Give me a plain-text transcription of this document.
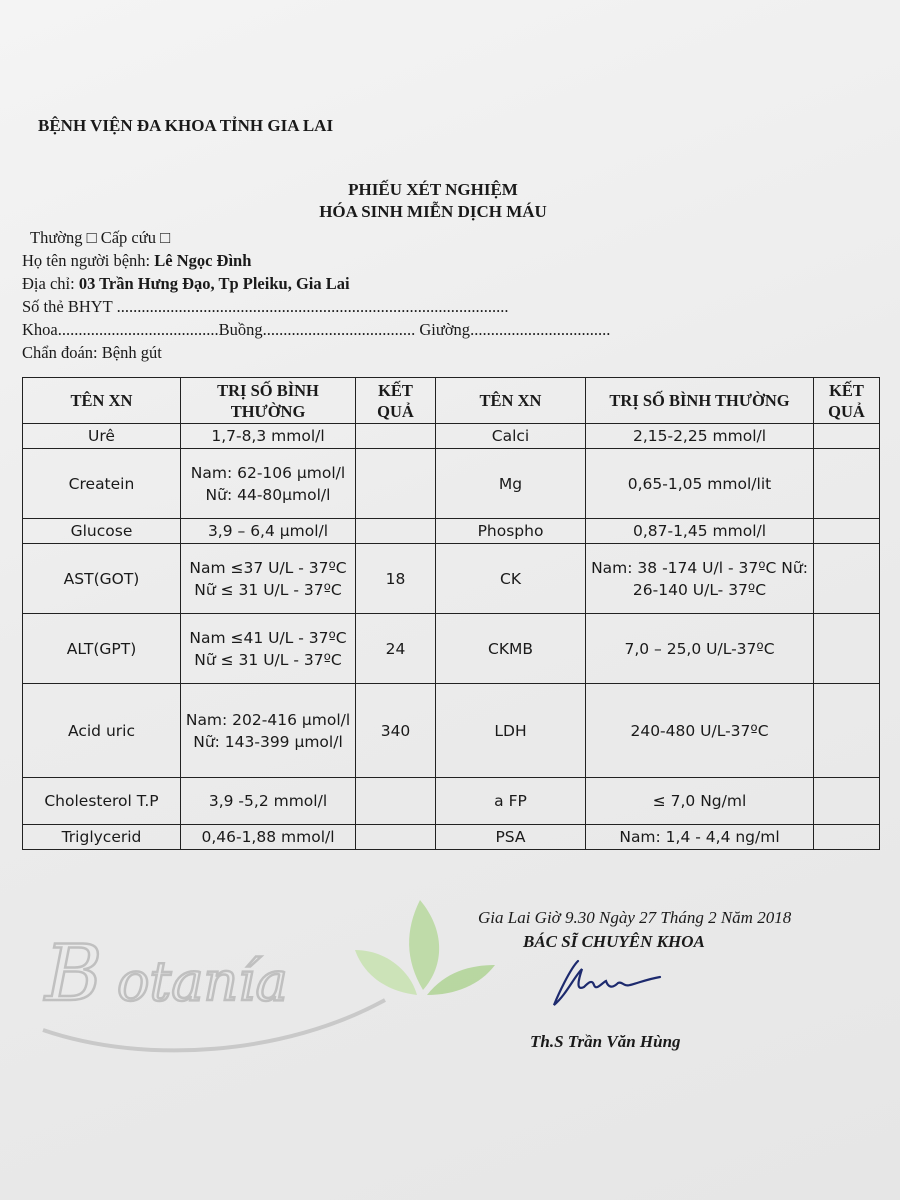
BỆNH VIỆN ĐA KHOA TỈNH GIA LAI
PHIẾU XÉT NGHIỆM
HÓA SINH MIỄN DỊCH MÁU
Thường □ Cấp cứu □
Họ tên người bệnh: Lê Ngọc Đình
Địa chỉ: 03 Trần Hưng Đạo, Tp Pleiku, Gia Lai
Số thẻ BHYT ...............................................................................................
Khoa.......................................Buồng..................................... Giường..................................
Chẩn đoán: Bệnh gút
TÊN XN	TRỊ SỐ BÌNH THƯỜNG	KẾT QUẢ	TÊN XN	TRỊ SỐ BÌNH THƯỜNG	KẾT QUẢ
Urê	1,7-8,3 mmol/l		Calci	2,15-2,25 mmol/l	
Createin	Nam: 62-106 µmol/l Nữ: 44-80µmol/l		Mg	0,65-1,05 mmol/lit	
Glucose	3,9 – 6,4 µmol/l		Phospho	0,87-1,45 mmol/l	
AST(GOT)	Nam ≤37 U/L - 37ºC Nữ ≤ 31 U/L - 37ºC	18	CK	Nam: 38 -174 U/l - 37ºC Nữ: 26-140 U/L- 37ºC	
ALT(GPT)	Nam ≤41 U/L - 37ºC Nữ ≤ 31 U/L - 37ºC	24	CKMB	7,0 – 25,0 U/L-37ºC	
Acid uric	Nam: 202-416 µmol/l Nữ: 143-399 µmol/l	340	LDH	240-480 U/L-37ºC	
Cholesterol T.P	3,9 -5,2 mmol/l		a FP	≤ 7,0 Ng/ml	
Triglycerid	0,46-1,88 mmol/l		PSA	Nam: 1,4 - 4,4 ng/ml	
Gia Lai Giờ 9.30 Ngày 27 Tháng 2 Năm 2018
BÁC SĨ CHUYÊN KHOA
Th.S Trần Văn Hùng
B otanía
